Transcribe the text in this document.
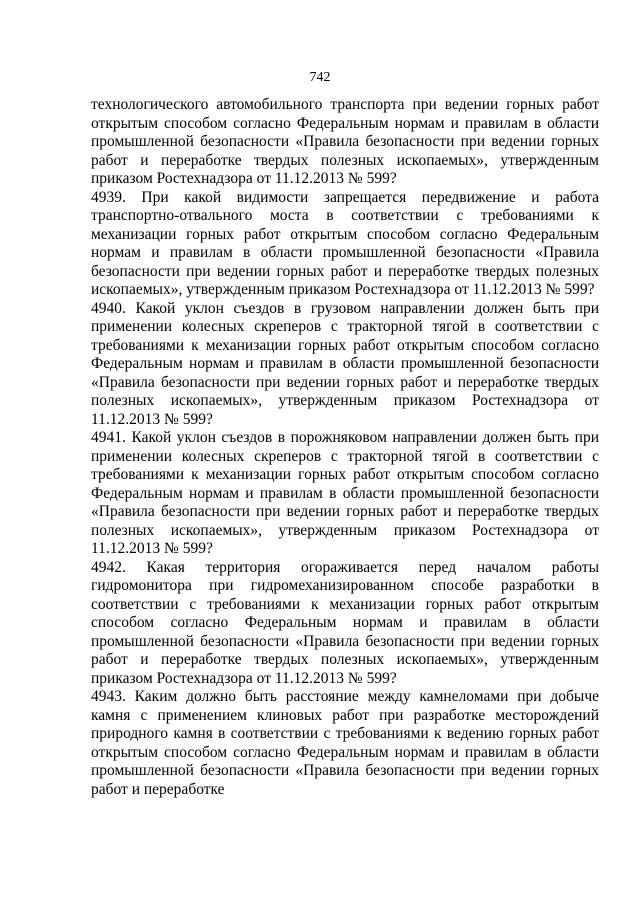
742

технологического автомобильного транспорта при ведении горных работ открытым способом согласно Федеральным нормам и правилам в области промышленной безопасности «Правила безопасности при ведении горных работ и переработке твердых полезных ископаемых», утвержденным приказом Ростехнадзора от 11.12.2013 № 599?

4939. При какой видимости запрещается передвижение и работа транспортно-отвального моста в соответствии с требованиями к механизации горных работ открытым способом согласно Федеральным нормам и правилам в области промышленной безопасности «Правила безопасности при ведении горных работ и переработке твердых полезных ископаемых», утвержденным приказом Ростехнадзора от 11.12.2013 № 599?

4940. Какой уклон съездов в грузовом направлении должен быть при применении колесных скреперов с тракторной тягой в соответствии с требованиями к механизации горных работ открытым способом согласно Федеральным нормам и правилам в области промышленной безопасности «Правила безопасности при ведении горных работ и переработке твердых полезных ископаемых», утвержденным приказом Ростехнадзора от 11.12.2013 № 599?

4941. Какой уклон съездов в порожняковом направлении должен быть при применении колесных скреперов с тракторной тягой в соответствии с требованиями к механизации горных работ открытым способом согласно Федеральным нормам и правилам в области промышленной безопасности «Правила безопасности при ведении горных работ и переработке твердых полезных ископаемых», утвержденным приказом Ростехнадзора от 11.12.2013 № 599?

4942. Какая территория огораживается перед началом работы гидромонитора при гидромеханизированном способе разработки в соответствии с требованиями к механизации горных работ открытым способом согласно Федеральным нормам и правилам в области промышленной безопасности «Правила безопасности при ведении горных работ и переработке твердых полезных ископаемых», утвержденным приказом Ростехнадзора от 11.12.2013 № 599?

4943. Каким должно быть расстояние между камнеломами при добыче камня с применением клиновых работ при разработке месторождений природного камня в соответствии с требованиями к ведению горных работ открытым способом согласно Федеральным нормам и правилам в области промышленной безопасности «Правила безопасности при ведении горных работ и переработке
